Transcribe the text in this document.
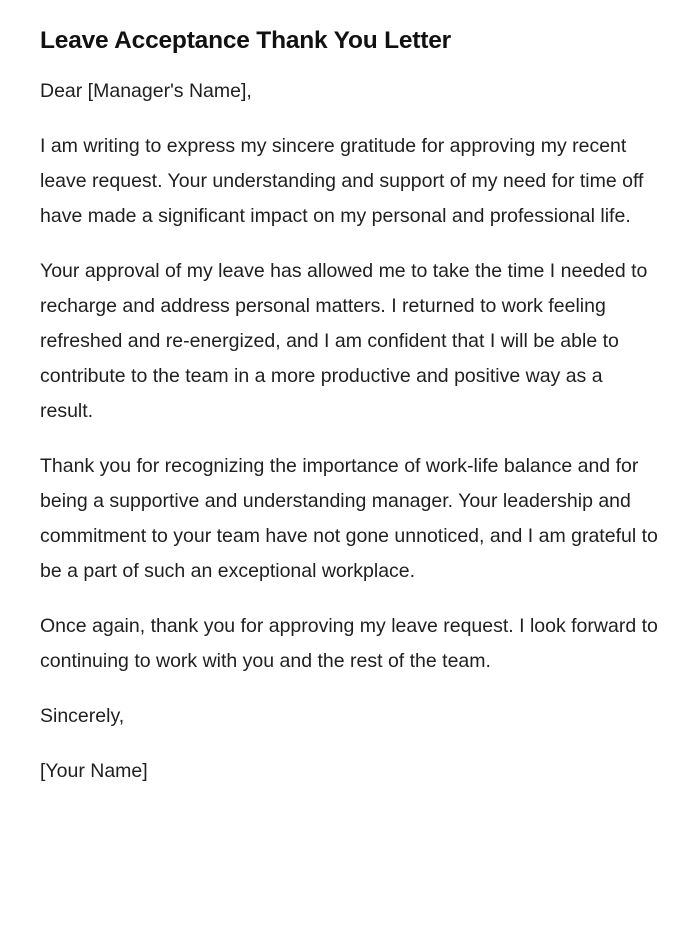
Leave Acceptance Thank You Letter

Dear [Manager's Name],

I am writing to express my sincere gratitude for approving my recent leave request. Your understanding and support of my need for time off have made a significant impact on my personal and professional life.

Your approval of my leave has allowed me to take the time I needed to recharge and address personal matters. I returned to work feeling refreshed and re-energized, and I am confident that I will be able to contribute to the team in a more productive and positive way as a result.

Thank you for recognizing the importance of work-life balance and for being a supportive and understanding manager. Your leadership and commitment to your team have not gone unnoticed, and I am grateful to be a part of such an exceptional workplace.

Once again, thank you for approving my leave request. I look forward to continuing to work with you and the rest of the team.

Sincerely,

[Your Name]
